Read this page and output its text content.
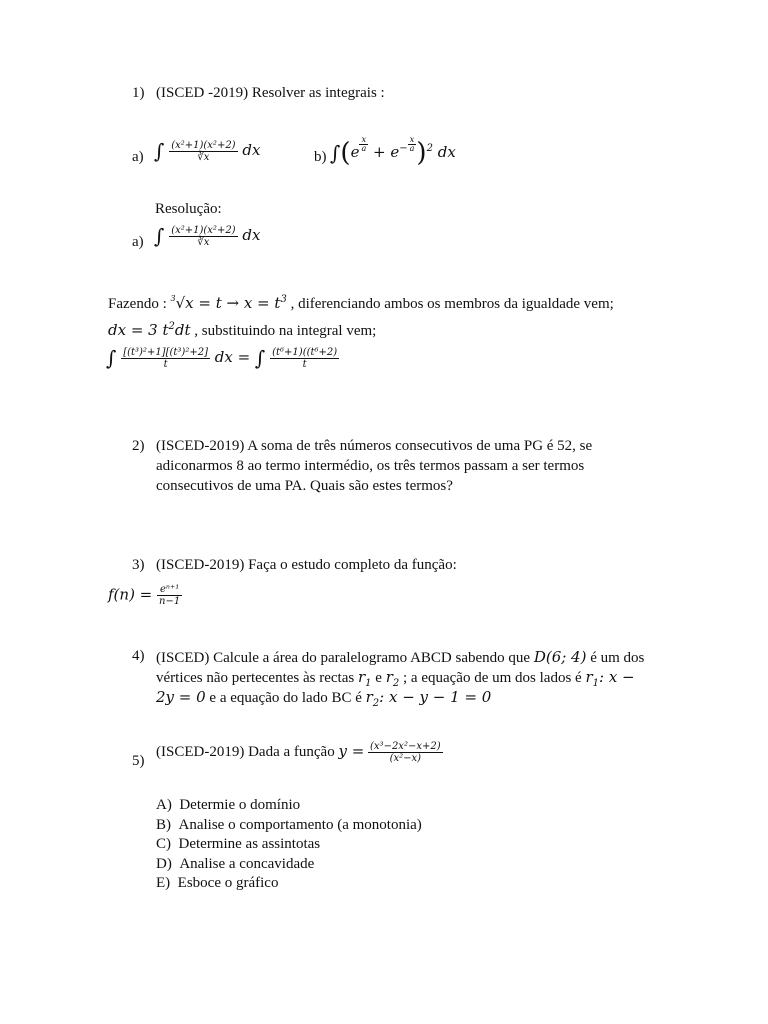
1) (ISCED -2019) Resolver as integrais :
a) ∫ $\frac{\text{(x²+1)(x²+2)}}{∛x}$ dx	b) $\int(e \frac{x}{a} + e^- \frac{x}{a} )^2$ dx
Resolução:
a) ∫ $\frac{\text{(x²+1)(x²+2)}}{∛x}$ dx
Fazendo : $^3√x = t \to x = t^3$ , diferenciando ambos os membros da igualdade vem;
dx = 3 $t^2dt$ , substituindo na integral vem;
∫ $\frac{\text{[(t³)²+1][(t³)²+2]}}{t}$ dx = ∫ $\frac{\text{(t⁶+1)((t⁶+2)}}{t}$
2) (ISCED-2019) A soma de três números consecutivos de uma PG é 52, se
adiconarmos 8 ao termo intermédio, os três termos passam a ser termos
consecutivos de uma PA. Quais são estes termos?
3) (ISCED-2019) Faça o estudo completo da função:
$f(n) = \frac{\text{eⁿ⁺¹}}{n-1}$
4) (ISCED) Calcule a área do paralelogramo ABCD sabendo que D(6; 4) é um dos
vértices não pertecentes às rectas $r_1$ e $r_2$ ; a equação de um dos lados é $r_1$: x −
2y = 0 e a equação do lado BC é $r_2$: x − y − 1 = 0
5)
(ISCED-2019) Dada a função $y = \frac{\text{(x³−2x²−x+2)}}{\text{(x²−x)}}$
A) Determie o domínio
B) Analise o comportamento (a monotonia)
C) Determine as assintotas
D) Analise a concavidade
E) Esboce o gráfico
